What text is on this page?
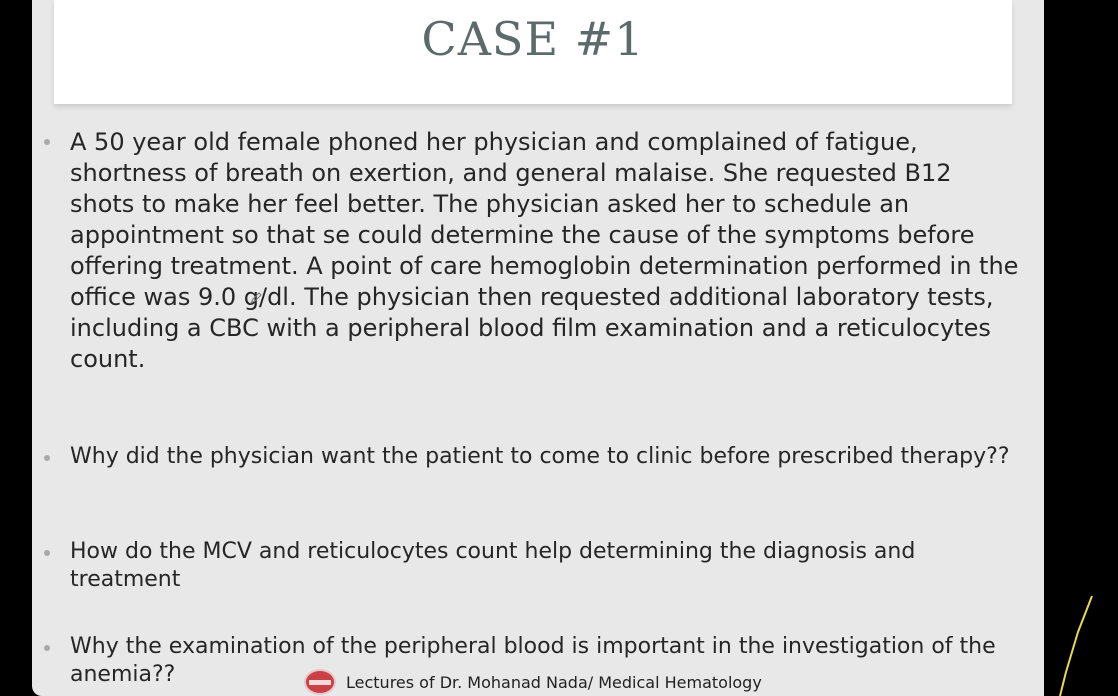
CASE #1
A 50 year old female phoned her physician and complained of fatigue, shortness of breath on exertion, and general malaise. She requested B12 shots to make her feel better. The physician asked her to schedule an appointment so that se could determine the cause of the symptoms before offering treatment. A point of care hemoglobin determination performed in the office was 9.0 g/dl. The physician then requested additional laboratory tests, including a CBC with a peripheral blood film examination and a reticulocytes count.
Why did the physician want the patient to come to clinic before prescribed therapy??
How do the MCV and reticulocytes count help determining the diagnosis and treatment
Why the examination of the peripheral blood is important in the investigation of the anemia??	Lectures of Dr. Mohanad Nada/ Medical Hematology
